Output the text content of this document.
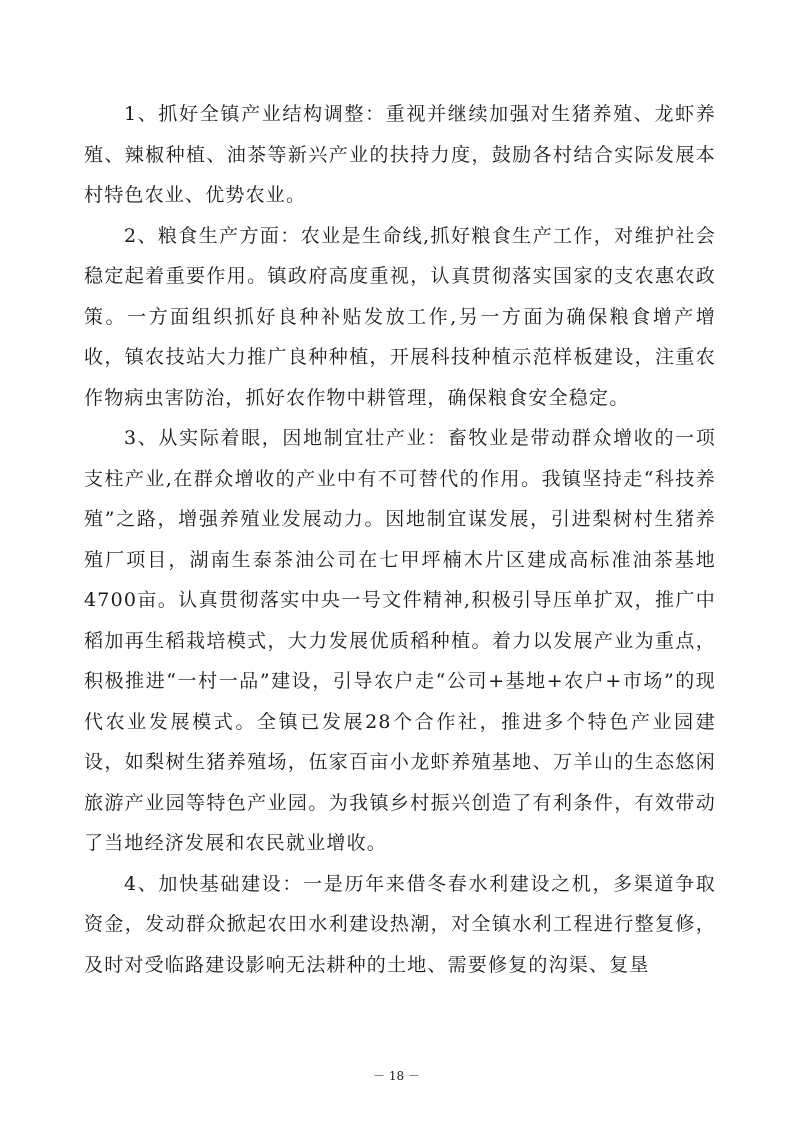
1、抓好全镇产业结构调整：重视并继续加强对生猪养殖、龙虾养殖、辣椒种植、油茶等新兴产业的扶持力度，鼓励各村结合实际发展本村特色农业、优势农业。

2、粮食生产方面：农业是生命线,抓好粮食生产工作，对维护社会稳定起着重要作用。镇政府高度重视，认真贯彻落实国家的支农惠农政策。一方面组织抓好良种补贴发放工作,另一方面为确保粮食增产增收，镇农技站大力推广良种种植，开展科技种植示范样板建设，注重农作物病虫害防治，抓好农作物中耕管理，确保粮食安全稳定。

3、从实际着眼，因地制宜壮产业：畜牧业是带动群众增收的一项支柱产业,在群众增收的产业中有不可替代的作用。我镇坚持走“科技养殖”之路，增强养殖业发展动力。因地制宜谋发展，引进梨树村生猪养殖厂项目，湖南生泰茶油公司在七甲坪楠木片区建成高标准油茶基地4700亩。认真贯彻落实中央一号文件精神,积极引导压单扩双，推广中稻加再生稻栽培模式，大力发展优质稻种植。着力以发展产业为重点，积极推进“一村一品”建设，引导农户走“公司+基地+农户+市场”的现代农业发展模式。全镇已发展28个合作社，推进多个特色产业园建设，如梨树生猪养殖场，伍家百亩小龙虾养殖基地、万羊山的生态悠闲旅游产业园等特色产业园。为我镇乡村振兴创造了有利条件，有效带动了当地经济发展和农民就业增收。

4、加快基础建设：一是历年来借冬春水利建设之机，多渠道争取资金，发动群众掀起农田水利建设热潮，对全镇水利工程进行整复修，及时对受临路建设影响无法耕种的土地、需要修复的沟渠、复垦

－ 18 －
